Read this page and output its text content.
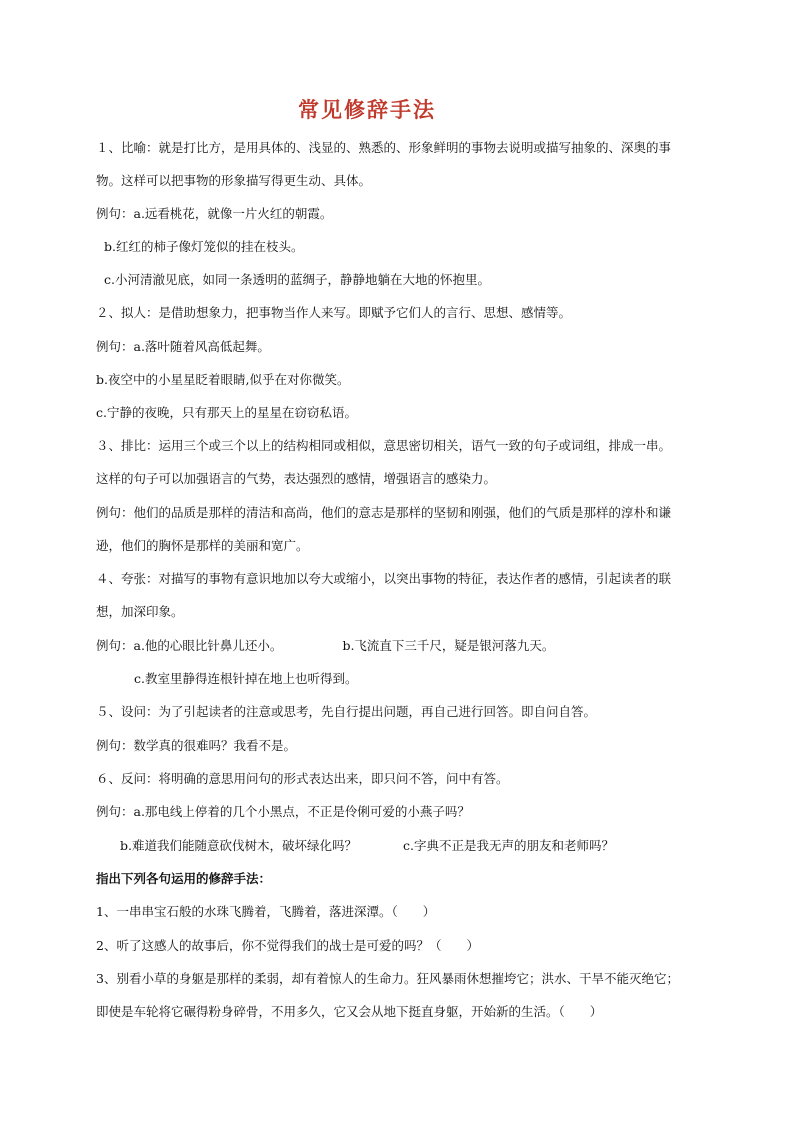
常见修辞手法
１、比喻：就是打比方，是用具体的、浅显的、熟悉的、形象鲜明的事物去说明或描写抽象的、深奥的事
物。这样可以把事物的形象描写得更生动、具体。
例句：a.远看桃花，就像一片火红的朝霞。
b.红红的柿子像灯笼似的挂在枝头。
c.小河清澈见底，如同一条透明的蓝绸子，静静地躺在大地的怀抱里。
２、拟人：是借助想象力，把事物当作人来写。即赋予它们人的言行、思想、感情等。
例句：a.落叶随着风高低起舞。
b.夜空中的小星星眨着眼睛,似乎在对你微笑。
c.宁静的夜晚，只有那天上的星星在窃窃私语。
３、排比：运用三个或三个以上的结构相同或相似，意思密切相关，语气一致的句子或词组，排成一串。
这样的句子可以加强语言的气势，表达强烈的感情，增强语言的感染力。
例句：他们的品质是那样的清洁和高尚，他们的意志是那样的坚韧和刚强，他们的气质是那样的淳朴和谦
逊，他们的胸怀是那样的美丽和宽广。
４、夸张：对描写的事物有意识地加以夸大或缩小，以突出事物的特征，表达作者的感情，引起读者的联
想，加深印象。
例句：a.他的心眼比针鼻儿还小。	b.飞流直下三千尺，疑是银河落九天。
c.教室里静得连根针掉在地上也听得到。
５、设问：为了引起读者的注意或思考，先自行提出问题，再自己进行回答。即自问自答。
例句：数学真的很难吗？我看不是。
６、反问：将明确的意思用问句的形式表达出来，即只问不答，问中有答。
例句：a.那电线上停着的几个小黑点，不正是伶俐可爱的小燕子吗？
b.难道我们能随意砍伐树木，破坏绿化吗？	c.字典不正是我无声的朋友和老师吗？
指出下列各句运用的修辞手法：
1、一串串宝石般的水珠飞腾着，飞腾着，落进深潭。（　　）
2、听了这感人的故事后，你不觉得我们的战士是可爱的吗？（　　）
3、别看小草的身躯是那样的柔弱，却有着惊人的生命力。狂风暴雨休想摧垮它；洪水、干旱不能灭绝它；
即使是车轮将它碾得粉身碎骨，不用多久，它又会从地下挺直身躯，开始新的生活。（　　）
